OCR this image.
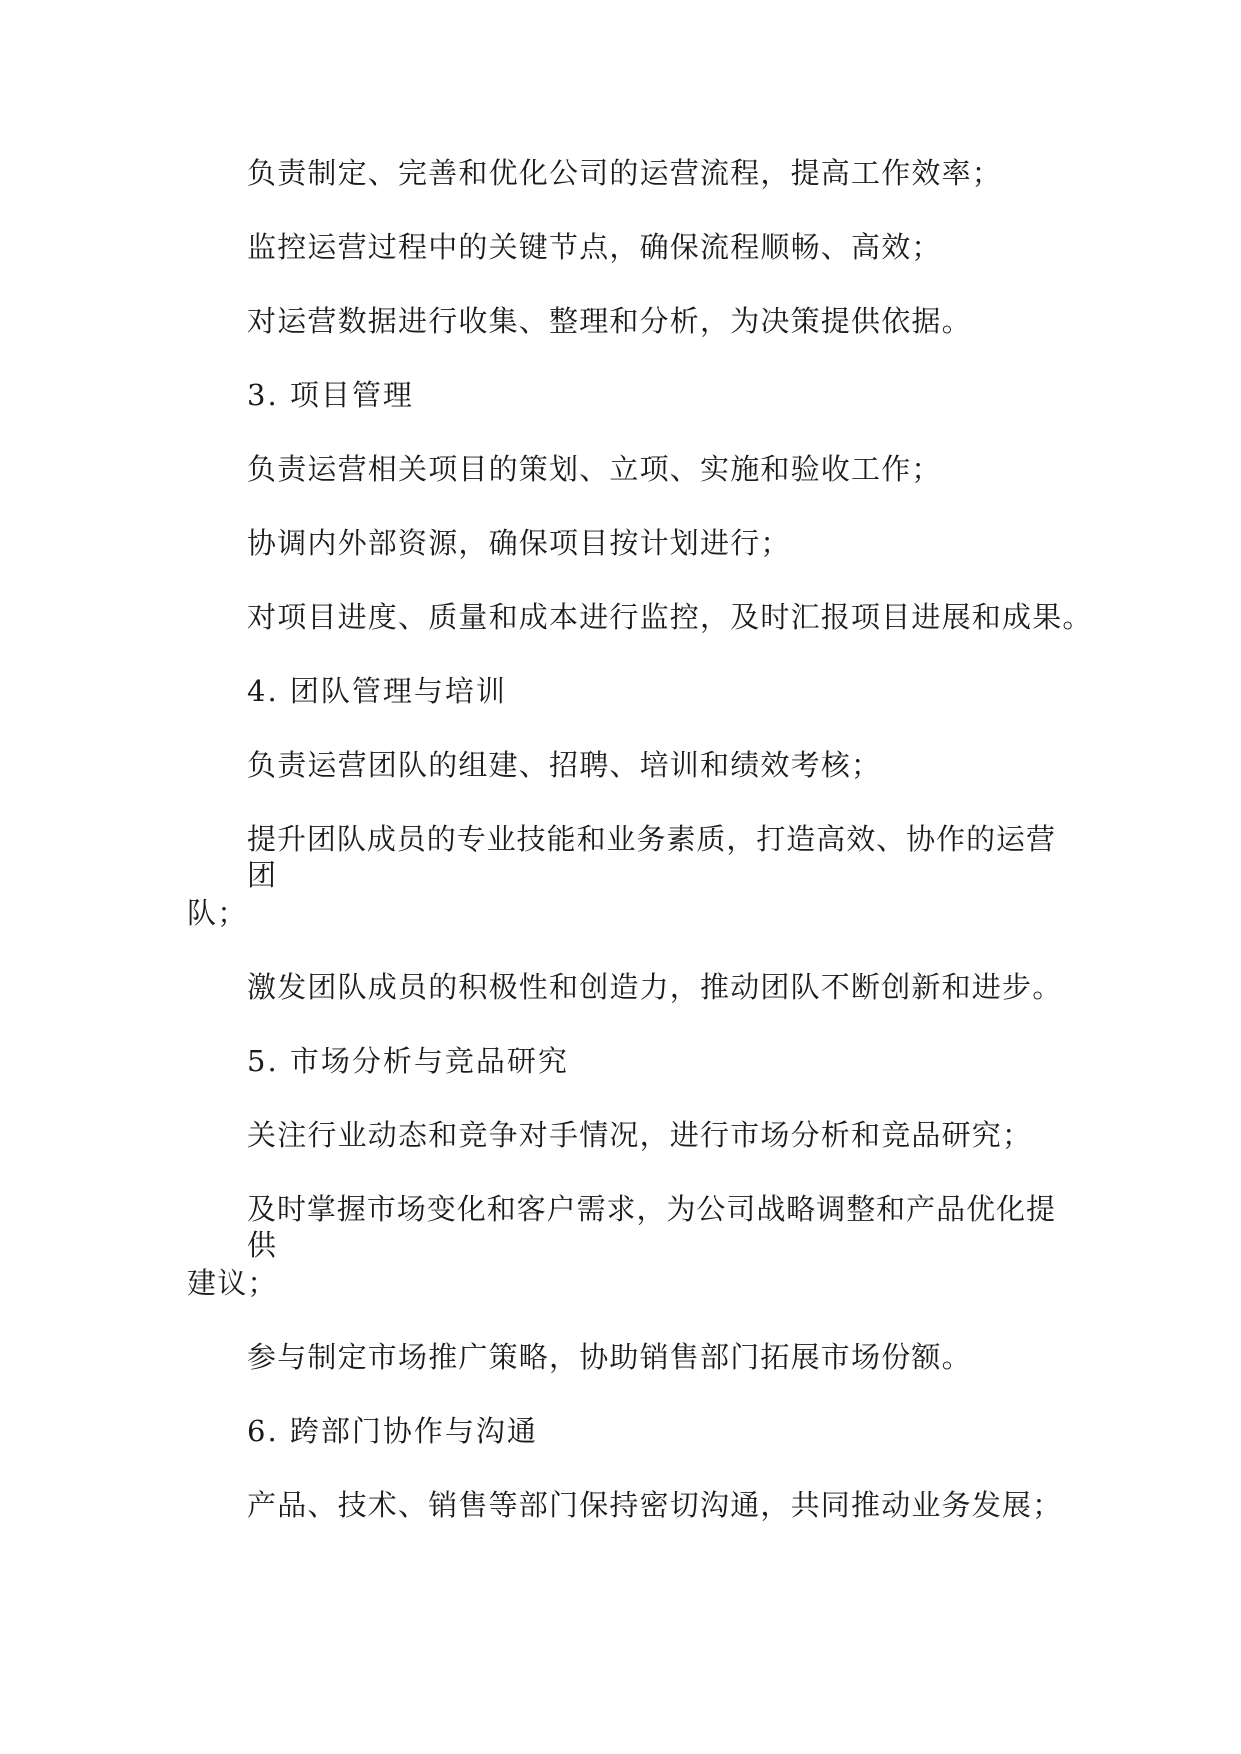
负责制定、完善和优化公司的运营流程，提高工作效率；
监控运营过程中的关键节点，确保流程顺畅、高效；
对运营数据进行收集、整理和分析，为决策提供依据。
3. 项目管理
负责运营相关项目的策划、立项、实施和验收工作；
协调内外部资源，确保项目按计划进行；
对项目进度、质量和成本进行监控，及时汇报项目进展和成果。
4. 团队管理与培训
负责运营团队的组建、招聘、培训和绩效考核；
提升团队成员的专业技能和业务素质，打造高效、协作的运营团
队；
激发团队成员的积极性和创造力，推动团队不断创新和进步。
5. 市场分析与竞品研究
关注行业动态和竞争对手情况，进行市场分析和竞品研究；
及时掌握市场变化和客户需求，为公司战略调整和产品优化提供
建议；
参与制定市场推广策略，协助销售部门拓展市场份额。
6. 跨部门协作与沟通
产品、技术、销售等部门保持密切沟通，共同推动业务发展；
